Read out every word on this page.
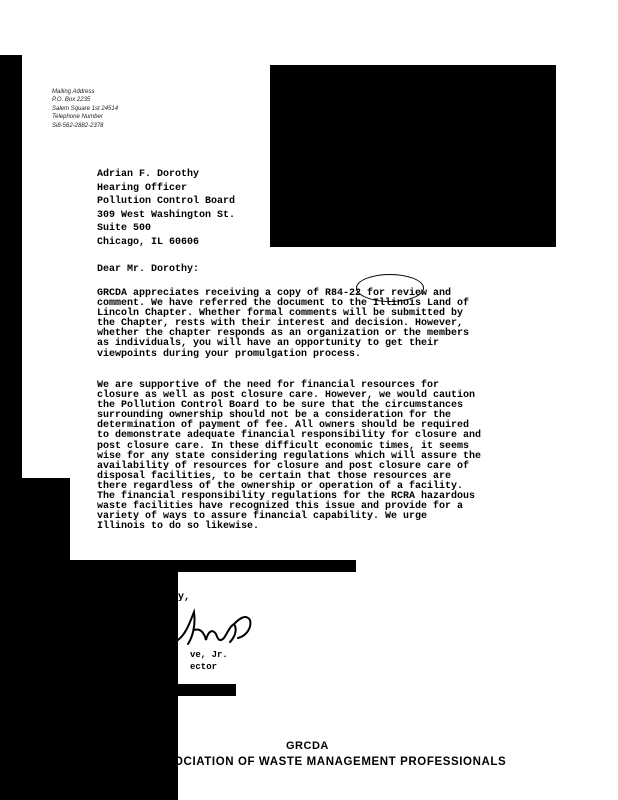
Mailing Address
P.O. Box 2235
Salem Square 1st 24514
Telephone Number
Si8-562-2882-2378
Adrian F. Dorothy
Hearing Officer
Pollution Control Board
309 West Washington St.
Suite 500
Chicago, IL 60606
Dear Mr. Dorothy:
GRCDA appreciates receiving a copy of R84-22 for review and
comment. We have referred the document to the Illinois Land of
Lincoln Chapter. Whether formal comments will be submitted by
the Chapter, rests with their interest and decision. However,
whether the chapter responds as an organization or the members
as individuals, you will have an opportunity to get their
viewpoints during your promulgation process.
We are supportive of the need for financial resources for
closure as well as post closure care. However, we would caution
the Pollution Control Board to be sure that the circumstances
surrounding ownership should not be a consideration for the
determination of payment of fee. All owners should be required
to demonstrate adequate financial responsibility for closure and
post closure care. In these difficult economic times, it seems
wise for any state considering regulations which will assure the
availability of resources for closure and post closure care of
disposal facilities, to be certain that those resources are
there regardless of the ownership or operation of a facility.
The financial responsibility regulations for the RCRA hazardous
waste facilities have recognized this issue and provide for a
variety of ways to assure financial capability. We urge
Illinois to do so likewise.
ly,
ve, Jr.
ector
GRCDA
OCIATION OF WASTE MANAGEMENT PROFESSIONALS
